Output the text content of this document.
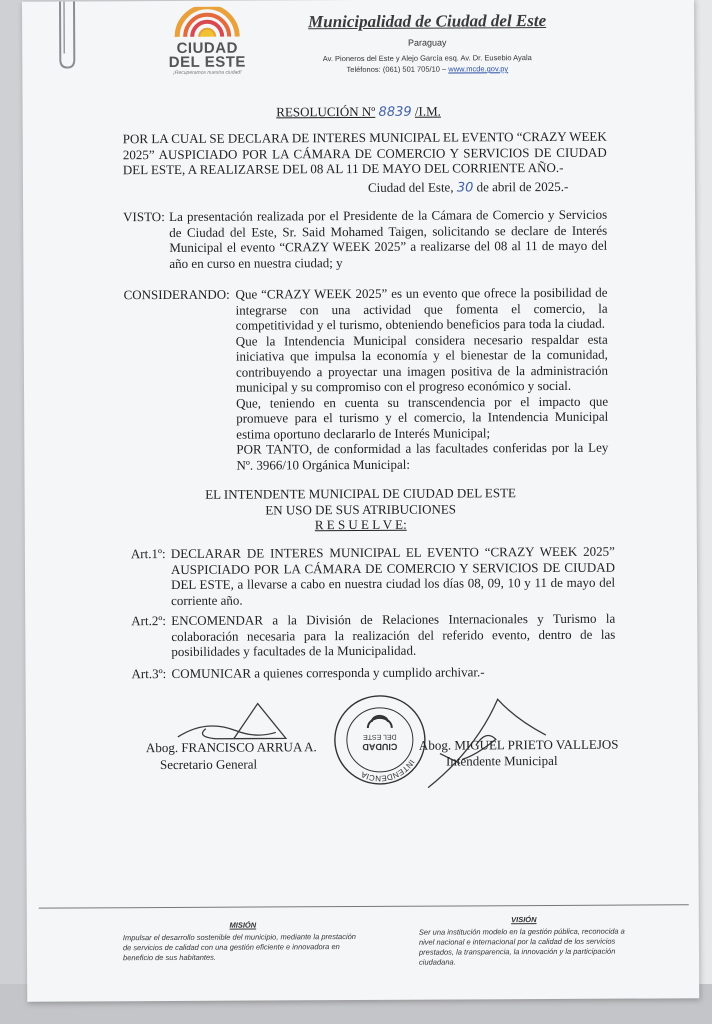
CIUDAD
DEL ESTE
¡Recuperamos nuestra ciudad!
Municipalidad de Ciudad del Este
Paraguay
Av. Pioneros del Este y Alejo García esq. Av. Dr. Eusebio Ayala
Teléfonos: (061) 501 705/10 – www.mcde.gov.py
RESOLUCIÓN Nº 8839 /I.M.
POR LA CUAL SE DECLARA DE INTERES MUNICIPAL EL EVENTO “CRAZY WEEK 2025” AUSPICIADO POR LA CÁMARA DE COMERCIO Y SERVICIOS DE CIUDAD DEL ESTE, A REALIZARSE DEL 08 AL 11 DE MAYO DEL CORRIENTE AÑO.-
Ciudad del Este, 30 de abril de 2025.-
VISTO: La presentación realizada por el Presidente de la Cámara de Comercio y Servicios de Ciudad del Este, Sr. Said Mohamed Taigen, solicitando se declare de Interés Municipal el evento “CRAZY WEEK 2025” a realizarse del 08 al 11 de mayo del año en curso en nuestra ciudad; y
CONSIDERANDO: Que “CRAZY WEEK 2025” es un evento que ofrece la posibilidad de integrarse con una actividad que fomenta el comercio, la competitividad y el turismo, obteniendo beneficios para toda la ciudad.
Que la Intendencia Municipal considera necesario respaldar esta iniciativa que impulsa la economía y el bienestar de la comunidad, contribuyendo a proyectar una imagen positiva de la administración municipal y su compromiso con el progreso económico y social.
Que, teniendo en cuenta su transcendencia por el impacto que promueve para el turismo y el comercio, la Intendencia Municipal estima oportuno declararlo de Interés Municipal;
POR TANTO, de conformidad a las facultades conferidas por la Ley Nº. 3966/10 Orgánica Municipal:
EL INTENDENTE MUNICIPAL DE CIUDAD DEL ESTE
EN USO DE SUS ATRIBUCIONES
R E S U E L V E:
Art.1º: DECLARAR DE INTERES MUNICIPAL EL EVENTO “CRAZY WEEK 2025” AUSPICIADO POR LA CÁMARA DE COMERCIO Y SERVICIOS DE CIUDAD DEL ESTE, a llevarse a cabo en nuestra ciudad los días 08, 09, 10 y 11 de mayo del corriente año.
Art.2º: ENCOMENDAR a la División de Relaciones Internacionales y Turismo la colaboración necesaria para la realización del referido evento, dentro de las posibilidades y facultades de la Municipalidad.
Art.3º: COMUNICAR a quienes corresponda y cumplido archivar.-
INTENDENCIA
CIUDAD
DEL ESTE
Abog. FRANCISCO ARRUA A.
Secretario General
Abog. MIGUEL PRIETO VALLEJOS
Intendente Municipal
MISIÓN
Impulsar el desarrollo sostenible del municipio, mediante la prestación de servicios de calidad con una gestión eficiente e innovadora en beneficio de sus habitantes.
VISIÓN
Ser una institución modelo en la gestión pública, reconocida a nivel nacional e internacional por la calidad de los servicios prestados, la transparencia, la innovación y la participación ciudadana.
